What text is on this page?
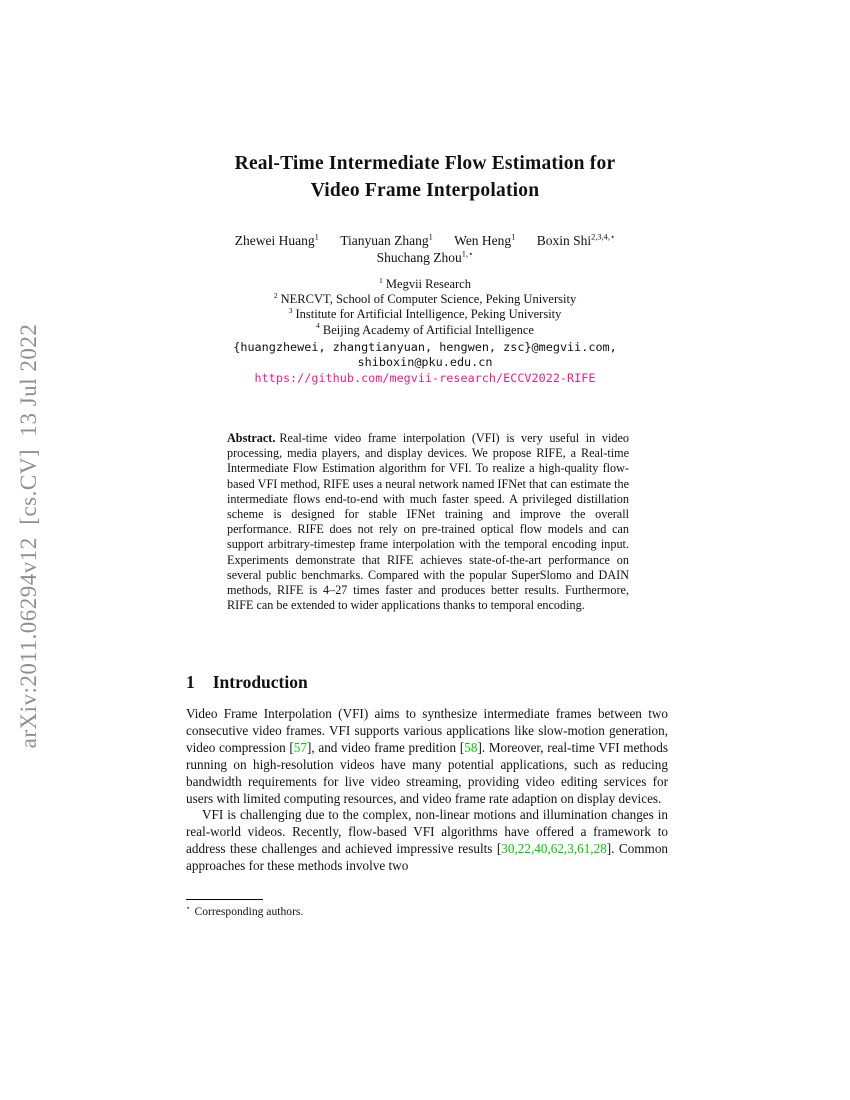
arXiv:2011.06294v12  [cs.CV]  13 Jul 2022
Real-Time Intermediate Flow Estimation for
Video Frame Interpolation
Zhewei Huang$^1$ Tianyuan Zhang$^1$ Wen Heng$^1$ Boxin Shi$^{2,3,4,⋆}$
Shuchang Zhou$^{1,⋆}$
$^1$ Megvii Research
$^2$ NERCVT, School of Computer Science, Peking University
$^3$ Institute for Artificial Intelligence, Peking University
$^4$ Beijing Academy of Artificial Intelligence
{huangzhewei, zhangtianyuan, hengwen, zsc}@megvii.com,
shiboxin@pku.edu.cn
https://github.com/megvii-research/ECCV2022-RIFE
Abstract. Real-time video frame interpolation (VFI) is very useful in video processing, media players, and display devices. We propose RIFE, a Real-time Intermediate Flow Estimation algorithm for VFI. To realize a high-quality flow-based VFI method, RIFE uses a neural network named IFNet that can estimate the intermediate flows end-to-end with much faster speed. A privileged distillation scheme is designed for stable IFNet training and improve the overall performance. RIFE does not rely on pre-trained optical flow models and can support arbitrary-timestep frame interpolation with the temporal encoding input. Experiments demonstrate that RIFE achieves state-of-the-art performance on several public benchmarks. Compared with the popular SuperSlomo and DAIN methods, RIFE is 4–27 times faster and produces better results. Furthermore, RIFE can be extended to wider applications thanks to temporal encoding.
1 Introduction

Video Frame Interpolation (VFI) aims to synthesize intermediate frames between two consecutive video frames. VFI supports various applications like slow-motion generation, video compression [57], and video frame predition [58]. Moreover, real-time VFI methods running on high-resolution videos have many potential applications, such as reducing bandwidth requirements for live video streaming, providing video editing services for users with limited computing resources, and video frame rate adaption on display devices.

VFI is challenging due to the complex, non-linear motions and illumination changes in real-world videos. Recently, flow-based VFI algorithms have offered a framework to address these challenges and achieved impressive results [30,22,40,62,3,61,28]. Common approaches for these methods involve two

⋆ Corresponding authors.
